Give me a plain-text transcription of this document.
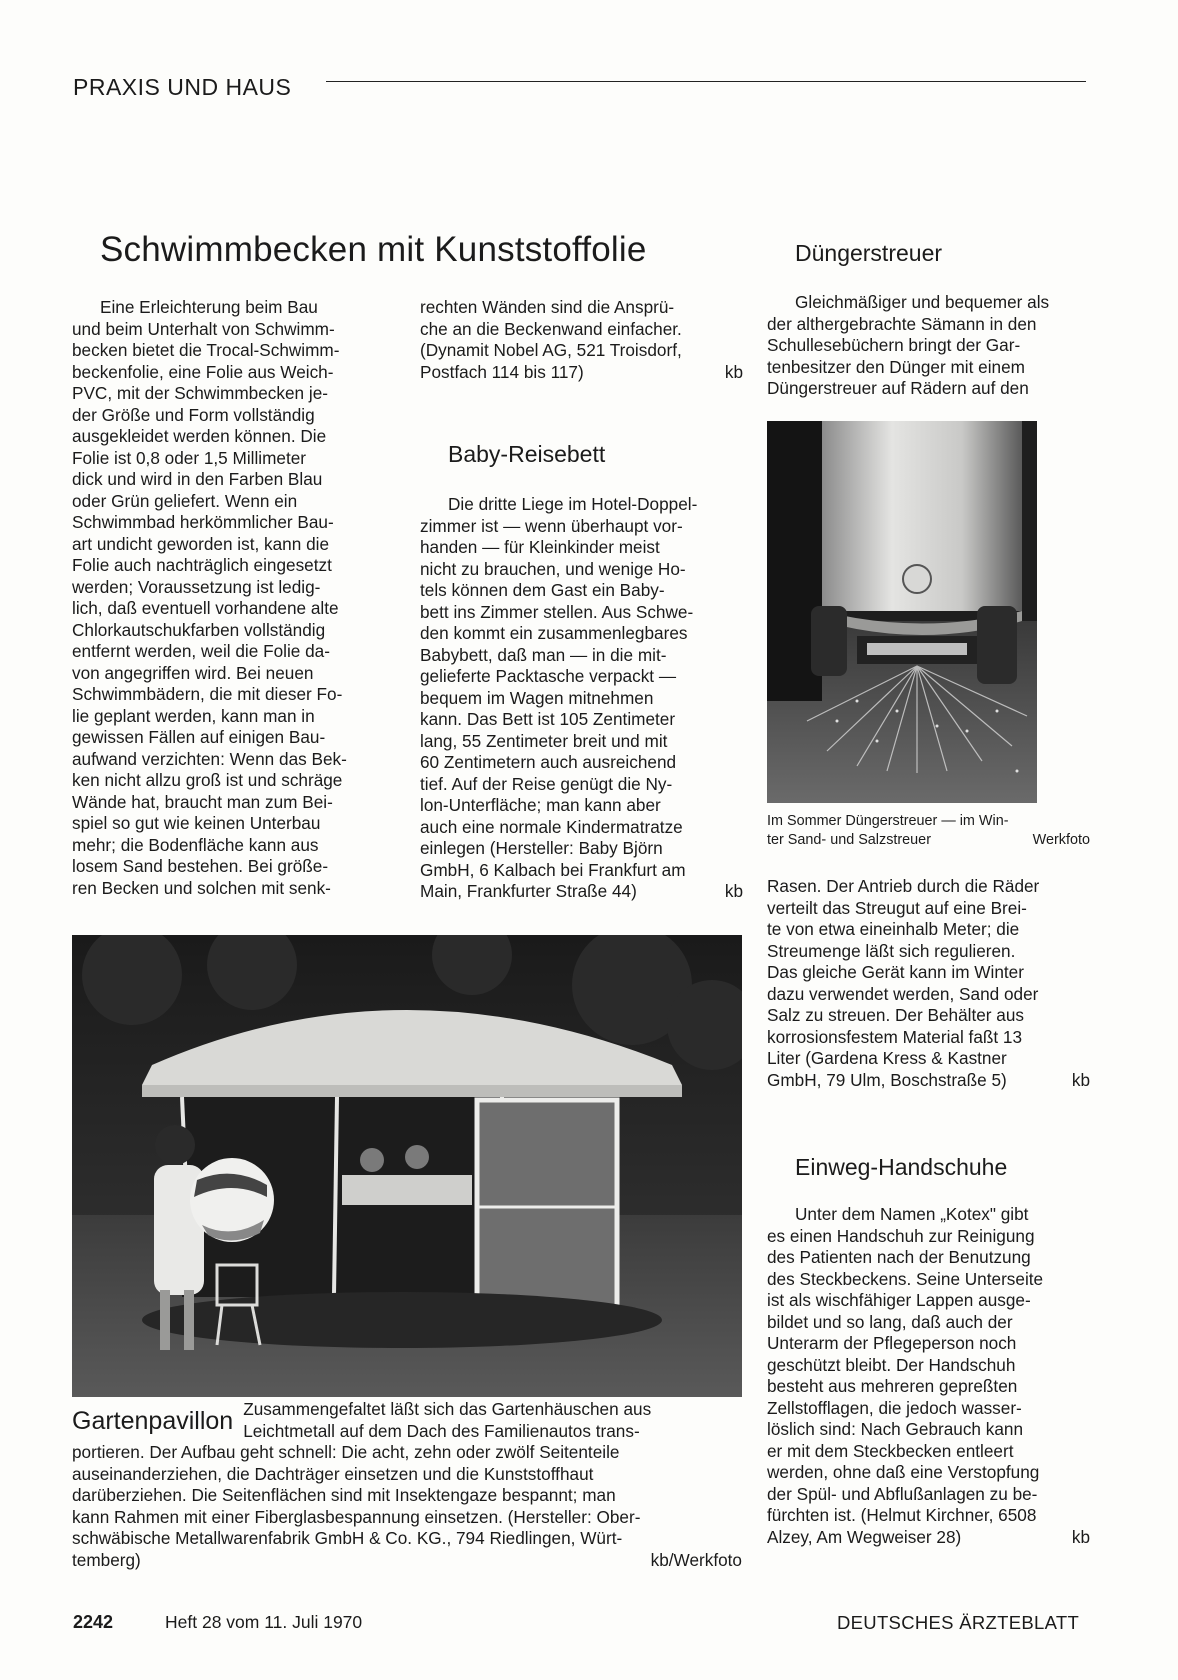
PRAXIS UND HAUS
Schwimmbecken mit Kunststoffolie	Düngerstreuer

Eine Erleichterung beim Bau

und beim Unterhalt von Schwimm-

becken bietet die Trocal-Schwimm-

beckenfolie, eine Folie aus Weich-

PVC, mit der Schwimmbecken je-

der Größe und Form vollständig

ausgekleidet werden können. Die

Folie ist 0,8 oder 1,5 Millimeter

dick und wird in den Farben Blau

oder Grün geliefert. Wenn ein

Schwimmbad herkömmlicher Bau-

art undicht geworden ist, kann die

Folie auch nachträglich eingesetzt

werden; Voraussetzung ist ledig-

lich, daß eventuell vorhandene alte

Chlorkautschukfarben vollständig

entfernt werden, weil die Folie da-

von angegriffen wird. Bei neuen

Schwimmbädern, die mit dieser Fo-

lie geplant werden, kann man in

gewissen Fällen auf einigen Bau-

aufwand verzichten: Wenn das Bek-

ken nicht allzu groß ist und schräge

Wände hat, braucht man zum Bei-

spiel so gut wie keinen Unterbau

mehr; die Bodenfläche kann aus

losem Sand bestehen. Bei größe-

ren Becken und solchen mit senk-

rechten Wänden sind die Ansprü-

che an die Beckenwand einfacher.

(Dynamit Nobel AG, 521 Troisdorf,

Postfach 114 bis 117)	kb

Baby-Reisebett

Die dritte Liege im Hotel-Doppel-

zimmer ist — wenn überhaupt vor-

handen — für Kleinkinder meist

nicht zu brauchen, und wenige Ho-

tels können dem Gast ein Baby-

bett ins Zimmer stellen. Aus Schwe-

den kommt ein zusammenlegbares

Babybett, daß man — in die mit-

gelieferte Packtasche verpackt —

bequem im Wagen mitnehmen

kann. Das Bett ist 105 Zentimeter

lang, 55 Zentimeter breit und mit

60 Zentimetern auch ausreichend

tief. Auf der Reise genügt die Ny-

lon-Unterfläche; man kann aber

auch eine normale Kindermatratze

einlegen (Hersteller: Baby Björn

GmbH, 6 Kalbach bei Frankfurt am

Main, Frankfurter Straße 44)	kb

Gleichmäßiger und bequemer als

der althergebrachte Sämann in den

Schullesebüchern bringt der Gar-

tenbesitzer den Dünger mit einem

Düngerstreuer auf Rädern auf den

Im Sommer Düngerstreuer — im Win-
ter Sand- und Salzstreuer	Werkfoto

Rasen. Der Antrieb durch die Räder

verteilt das Streugut auf eine Brei-

te von etwa eineinhalb Meter; die

Streumenge läßt sich regulieren.

Das gleiche Gerät kann im Winter

dazu verwendet werden, Sand oder

Salz zu streuen. Der Behälter aus

korrosionsfestem Material faßt 13

Liter (Gardena Kress & Kastner

GmbH, 79 Ulm, Boschstraße 5)	kb

Einweg-Handschuhe

Unter dem Namen „Kotex" gibt

es einen Handschuh zur Reinigung

des Patienten nach der Benutzung

des Steckbeckens. Seine Unterseite

ist als wischfähiger Lappen ausge-

bildet und so lang, daß auch der

Unterarm der Pflegeperson noch

geschützt bleibt. Der Handschuh

besteht aus mehreren gepreßten

Zellstofflagen, die jedoch wasser-

löslich sind: Nach Gebrauch kann

er mit dem Steckbecken entleert

werden, ohne daß eine Verstopfung

der Spül- und Abflußanlagen zu be-

fürchten ist. (Helmut Kirchner, 6508

Alzey, Am Wegweiser 28)	kb

Gartenpavillon Zusammengefaltet läßt sich das Gartenhäuschen aus

Leichtmetall auf dem Dach des Familienautos trans-

portieren. Der Aufbau geht schnell: Die acht, zehn oder zwölf Seitenteile

auseinanderziehen, die Dachträger einsetzen und die Kunststoffhaut

darüberziehen. Die Seitenflächen sind mit Insektengaze bespannt; man

kann Rahmen mit einer Fiberglasbespannung einsetzen. (Hersteller: Ober-

schwäbische Metallwarenfabrik GmbH & Co. KG., 794 Riedlingen, Würt-

temberg)	kb/Werkfoto

2242	Heft 28 vom 11. Juli 1970	DEUTSCHES ÄRZTEBLATT
